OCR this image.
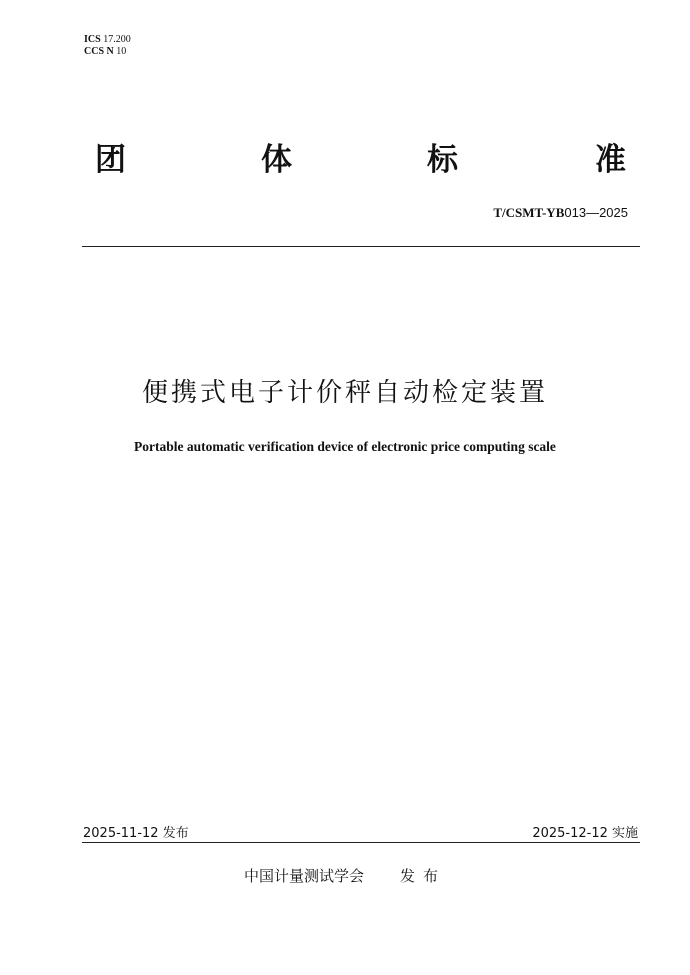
ICS 17.200
CCS N 10
团	体	标	准
T/CSMT-YB013—2025
便携式电子计价秤自动检定装置
Portable automatic verification device of electronic price computing scale
2025-11-12 发布	2025-12-12 实施
中国计量测试学会 发布
